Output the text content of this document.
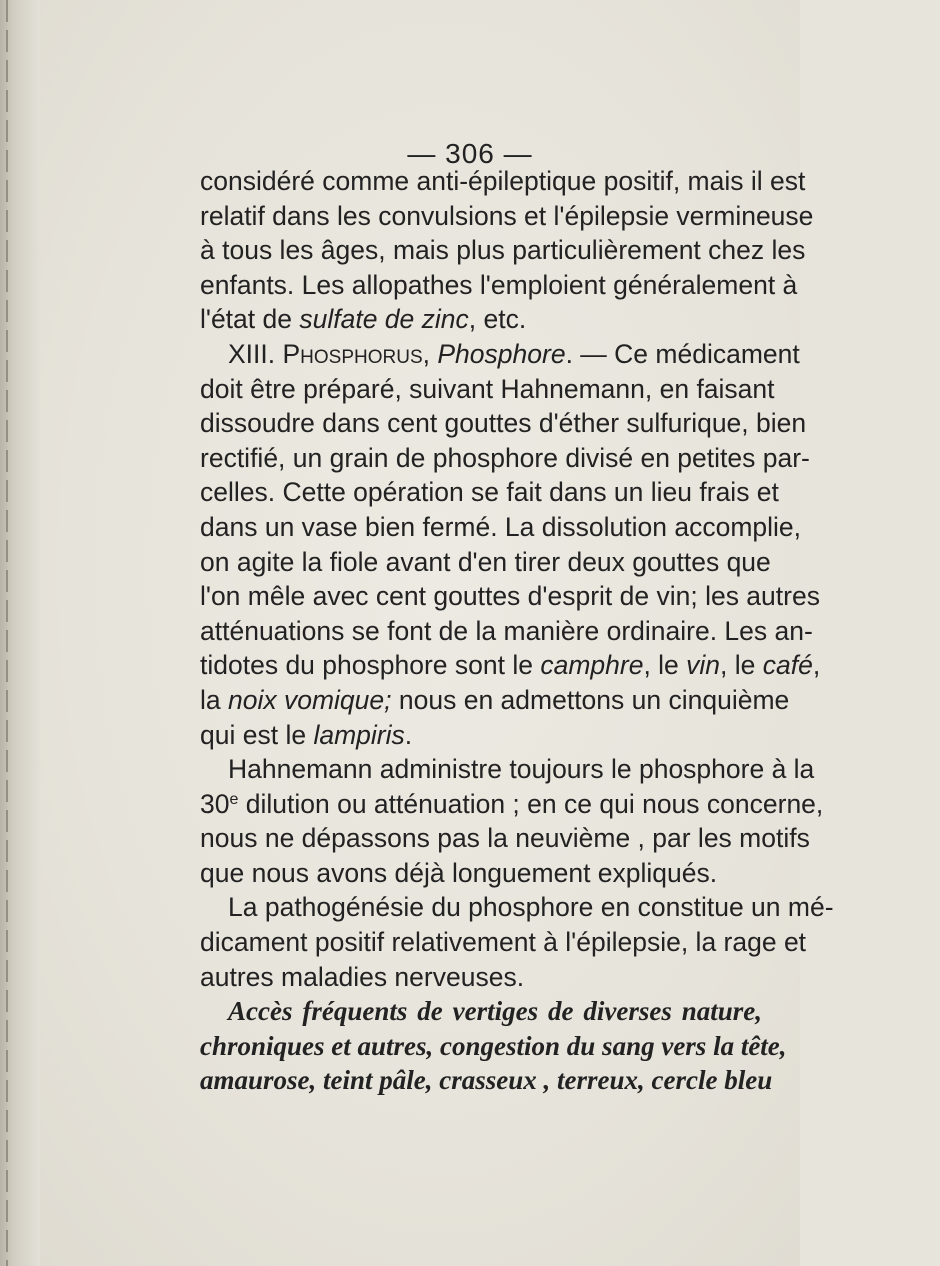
— 306 —
considéré comme anti-épileptique positif, mais il est
relatif dans les convulsions et l'épilepsie vermineuse
à tous les âges, mais plus particulièrement chez les
enfants. Les allopathes l'emploient généralement à
l'état de sulfate de zinc, etc.
XIII. Phosphorus, Phosphore. — Ce médicament
doit être préparé, suivant Hahnemann, en faisant
dissoudre dans cent gouttes d'éther sulfurique, bien
rectifié, un grain de phosphore divisé en petites par-
celles. Cette opération se fait dans un lieu frais et
dans un vase bien fermé. La dissolution accomplie,
on agite la fiole avant d'en tirer deux gouttes que
l'on mêle avec cent gouttes d'esprit de vin; les autres
atténuations se font de la manière ordinaire. Les an-
tidotes du phosphore sont le camphre, le vin, le café,
la noix vomique; nous en admettons un cinquième
qui est le lampiris.
Hahnemann administre toujours le phosphore à la
30e dilution ou atténuation ; en ce qui nous concerne,
nous ne dépassons pas la neuvième , par les motifs
que nous avons déjà longuement expliqués.
La pathogénésie du phosphore en constitue un mé-
dicament positif relativement à l'épilepsie, la rage et
autres maladies nerveuses.
Accès fréquents de vertiges de diverses nature,
chroniques et autres, congestion du sang vers la tête,
amaurose, teint pâle, crasseux , terreux, cercle bleu
